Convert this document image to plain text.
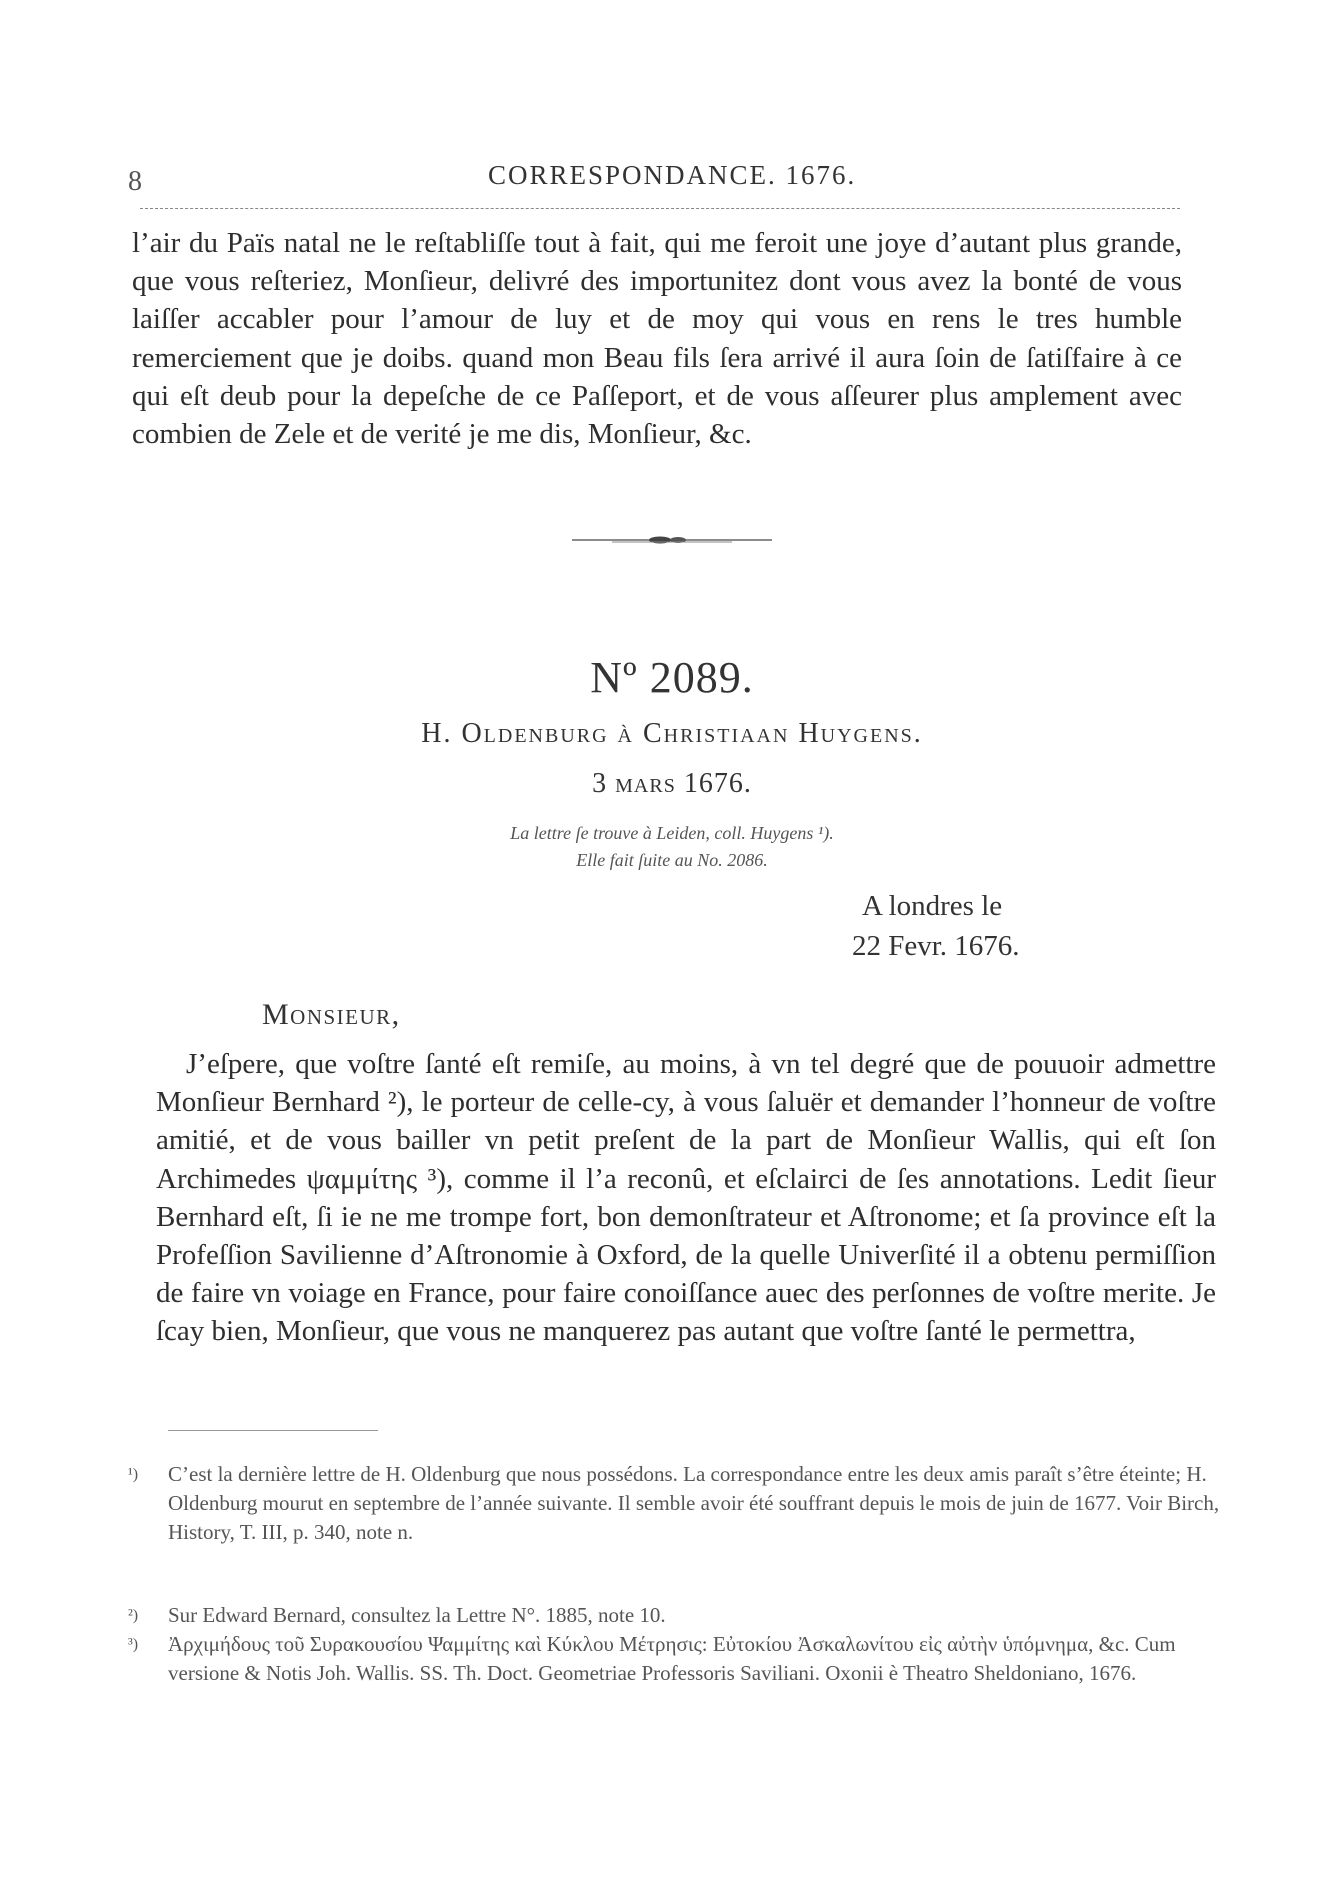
8	CORRESPONDANCE. 1676.
l’air du Païs natal ne le reſtabliſſe tout à fait, qui me feroit une joye d’autant plus grande, que vous reſteriez, Monſieur, delivré des importunitez dont vous avez la bonté de vous laiſſer accabler pour l’amour de luy et de moy qui vous en rens le tres humble remerciement que je doibs. quand mon Beau fils ſera arrivé il aura ſoin de ſatiſfaire à ce qui eſt deub pour la depeſche de ce Paſſeport, et de vous aſſeurer plus amplement avec combien de Zele et de verité je me dis, Monſieur, &c.
Nº 2089.
H. Oldenburg à Christiaan Huygens.
3 mars 1676.
La lettre ſe trouve à Leiden, coll. Huygens ¹).
Elle fait ſuite au No. 2086.
A londres le
22 Fevr. 1676.
Monsieur,
J’eſpere, que voſtre ſanté eſt remiſe, au moins, à vn tel degré que de pouuoir admettre Monſieur Bernhard ²), le porteur de celle-cy, à vous ſaluër et demander l’honneur de voſtre amitié, et de vous bailler vn petit preſent de la part de Monſieur Wallis, qui eſt ſon Archimedes ψαμμίτης ³), comme il l’a reconû, et eſclairci de ſes annotations. Ledit ſieur Bernhard eſt, ſi ie ne me trompe fort, bon demonſtrateur et Aſtronome; et ſa province eſt la Profeſſion Savilienne d’Aſtronomie à Oxford, de la quelle Univerſité il a obtenu permiſſion de faire vn voiage en France, pour faire conoiſſance auec des perſonnes de voſtre merite. Je ſcay bien, Monſieur, que vous ne manquerez pas autant que voſtre ſanté le permettra,
¹) C’est la dernière lettre de H. Oldenburg que nous possédons. La correspondance entre les deux amis paraît s’être éteinte; H. Oldenburg mourut en septembre de l’année suivante. Il semble avoir été souffrant depuis le mois de juin de 1677. Voir Birch, History, T. III, p. 340, note n.
²) Sur Edward Bernard, consultez la Lettre N°. 1885, note 10.
³) Ἀρχιμήδους τοῦ Συρακουσίου Ψαμμίτης καὶ Κύκλου Μέτρησις: Εὐτοκίου Ἀσκαλωνίτου εἰς αὐτὴν ὑπόμνημα, &c. Cum versione & Notis Joh. Wallis. SS. Th. Doct. Geometriae Professoris Saviliani. Oxonii è Theatro Sheldoniano, 1676.
